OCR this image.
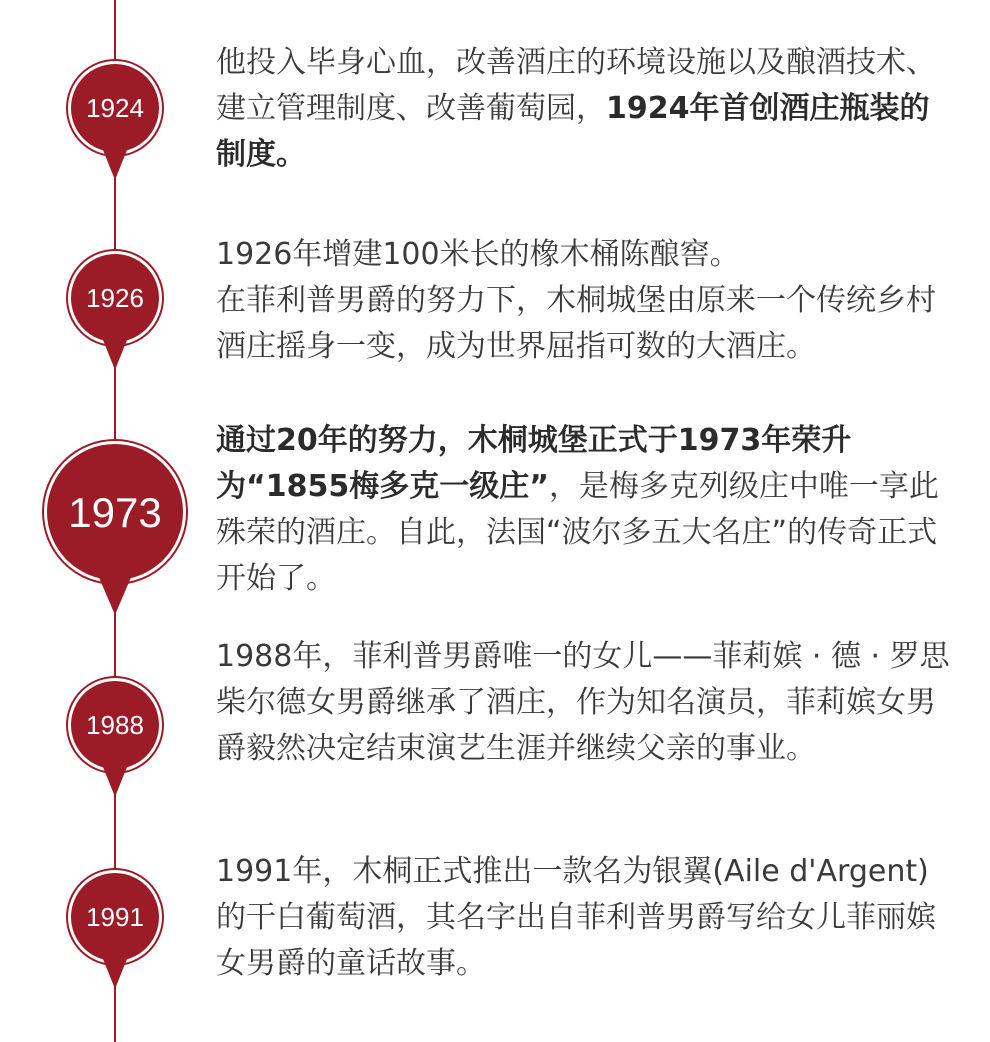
1924
1926
1973
1988
1991

他投入毕身心血，改善酒庄的环境设施以及酿酒技术、建立管理制度、改善葡萄园，1924年首创酒庄瓶装的制度。

1926年增建100米长的橡木桶陈酿窖。

在菲利普男爵的努力下，木桐城堡由原来一个传统乡村酒庄摇身一变，成为世界屈指可数的大酒庄。

通过20年的努力，木桐城堡正式于1973年荣升为“1855梅多克一级庄”，是梅多克列级庄中唯一享此殊荣的酒庄。自此，法国“波尔多五大名庄”的传奇正式开始了。

1988年，菲利普男爵唯一的女儿——菲莉嫔 · 德 · 罗思柴尔德女男爵继承了酒庄，作为知名演员，菲莉嫔女男爵毅然决定结束演艺生涯并继续父亲的事业。

1991年，木桐正式推出一款名为银翼(Aile d'Argent)的干白葡萄酒，其名字出自菲利普男爵写给女儿菲丽嫔女男爵的童话故事。
